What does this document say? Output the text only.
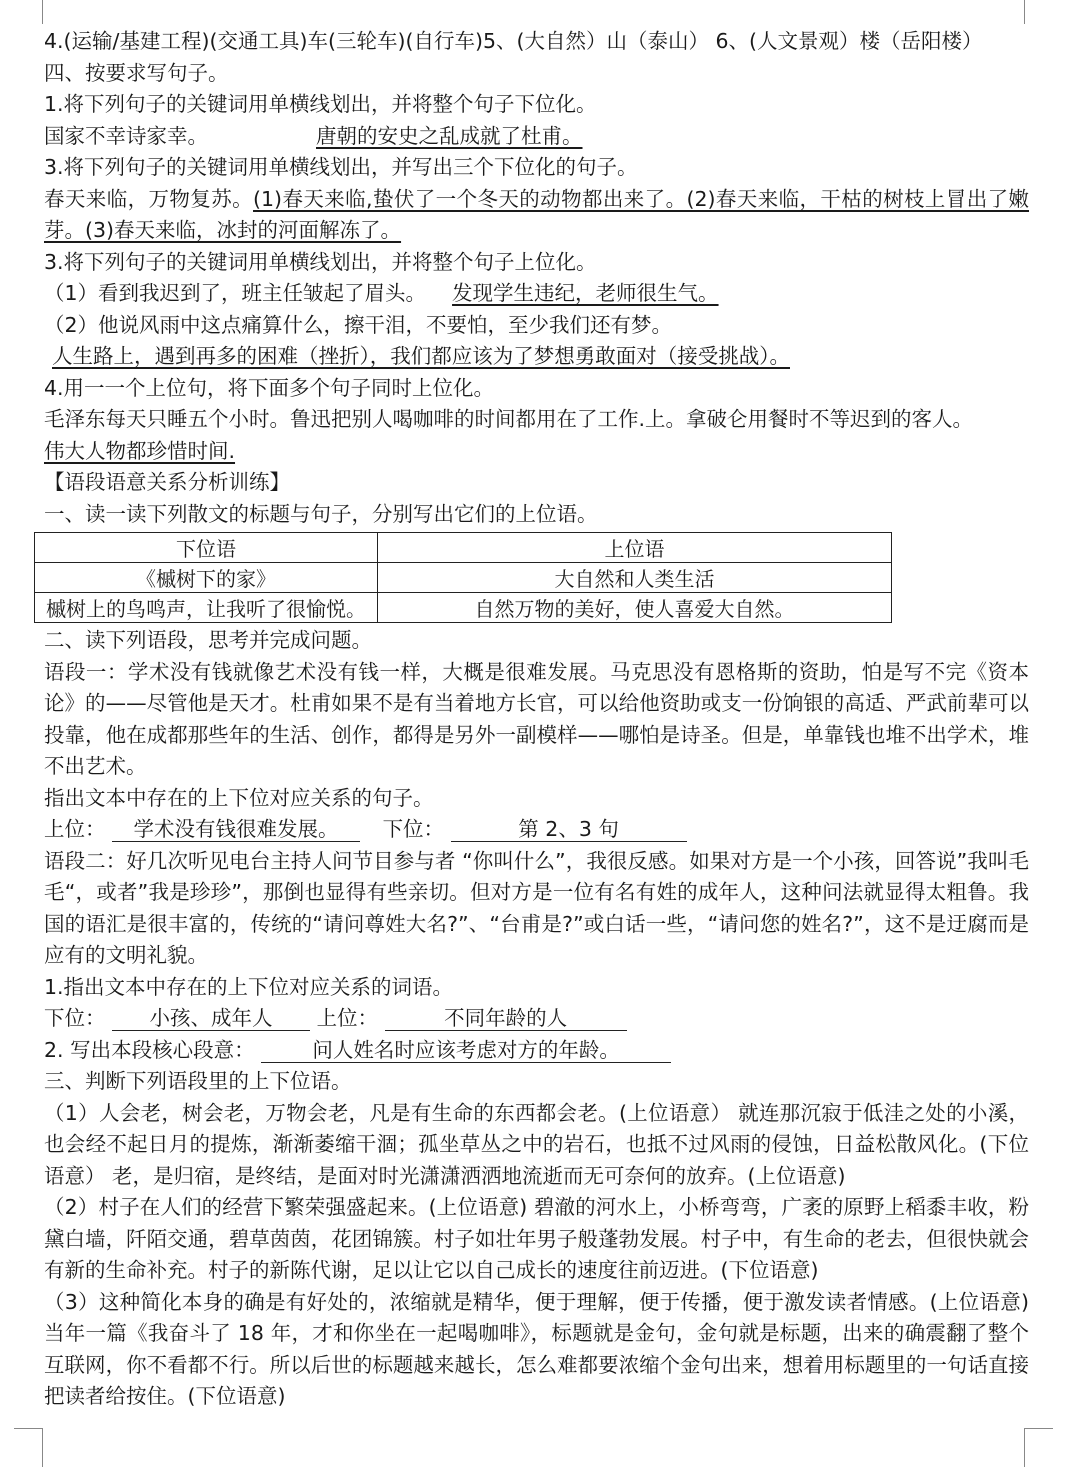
4.(运输/基建工程)(交通工具)车(三轮车)(自行车)5、(大自然）山（泰山） 6、(人文景观）楼（岳阳楼）
四、按要求写句子。
1.将下列句子的关键词用单横线划出，并将整个句子下位化。
国家不幸诗家幸。	唐朝的安史之乱成就了杜甫。
3.将下列句子的关键词用单横线划出，并写出三个下位化的句子。
春天来临，万物复苏。(1)春天来临,蛰伏了一个冬天的动物都出来了。(2)春天来临，干枯的树枝上冒出了嫩芽。(3)春天来临，冰封的河面解冻了。
3.将下列句子的关键词用单横线划出，并将整个句子上位化。
（1）看到我迟到了，班主任皱起了眉头。 发现学生违纪，老师很生气。
（2）他说风雨中这点痛算什么，擦干泪，不要怕，至少我们还有梦。
人生路上，遇到再多的困难（挫折），我们都应该为了梦想勇敢面对（接受挑战）。
4.用一一个上位句，将下面多个句子同时上位化。
毛泽东每天只睡五个小时。鲁迅把别人喝咖啡的时间都用在了工作.上。拿破仑用餐时不等迟到的客人。
伟大人物都珍惜时间.
【语段语意关系分析训练】
一、读一读下列散文的标题与句子，分别写出它们的上位语。
下位语	上位语
《槭树下的家》	大自然和人类生活
槭树上的鸟鸣声，让我听了很愉悦。	自然万物的美好，使人喜爱大自然。
二、读下列语段，思考并完成问题。
语段一：学术没有钱就像艺术没有钱一样，大概是很难发展。马克思没有恩格斯的资助，怕是写不完《资本论》的——尽管他是天才。杜甫如果不是有当着地方长官，可以给他资助或支一份饷银的高适、严武前辈可以投靠，他在成都那些年的生活、创作，都得是另外一副模样——哪怕是诗圣。但是，单靠钱也堆不出学术，堆不出艺术。
指出文本中存在的上下位对应关系的句子。
上位： 学术没有钱很难发展。 下位：	第 2、3 句
语段二：好几次听见电台主持人问节目参与者 “你叫什么”，我很反感。如果对方是一个小孩，回答说”我叫毛毛“，或者”我是珍珍”，那倒也显得有些亲切。但对方是一位有名有姓的成年人，这种问法就显得太粗鲁。我国的语汇是很丰富的，传统的“请问尊姓大名?”、“台甫是?”或白话一些，“请问您的姓名?”，这不是迂腐而是应有的文明礼貌。
1.指出文本中存在的上下位对应关系的词语。
下位： 小孩、成年人 上位：	不同年龄的人
2. 写出本段核心段意：	问人姓名时应该考虑对方的年龄。
三、判断下列语段里的上下位语。
（1）人会老，树会老，万物会老，凡是有生命的东西都会老。(上位语意） 就连那沉寂于低洼之处的小溪，也会经不起日月的提炼，渐渐萎缩干涸；孤坐草丛之中的岩石，也抵不过风雨的侵蚀，日益松散风化。(下位语意） 老，是归宿，是终结，是面对时光潇潇洒洒地流逝而无可奈何的放弃。(上位语意)
（2）村子在人们的经营下繁荣强盛起来。(上位语意) 碧澈的河水上，小桥弯弯，广袤的原野上稻黍丰收，粉黛白墙，阡陌交通，碧草茵茵，花团锦簇。村子如壮年男子般蓬勃发展。村子中，有生命的老去，但很快就会有新的生命补充。村子的新陈代谢，足以让它以自己成长的速度往前迈进。(下位语意)
（3）这种简化本身的确是有好处的，浓缩就是精华，便于理解，便于传播，便于激发读者情感。(上位语意) 当年一篇《我奋斗了 18 年，才和你坐在一起喝咖啡》，标题就是金句，金句就是标题，出来的确震翻了整个互联网，你不看都不行。所以后世的标题越来越长，怎么难都要浓缩个金句出来，想着用标题里的一句话直接把读者给按住。(下位语意)
